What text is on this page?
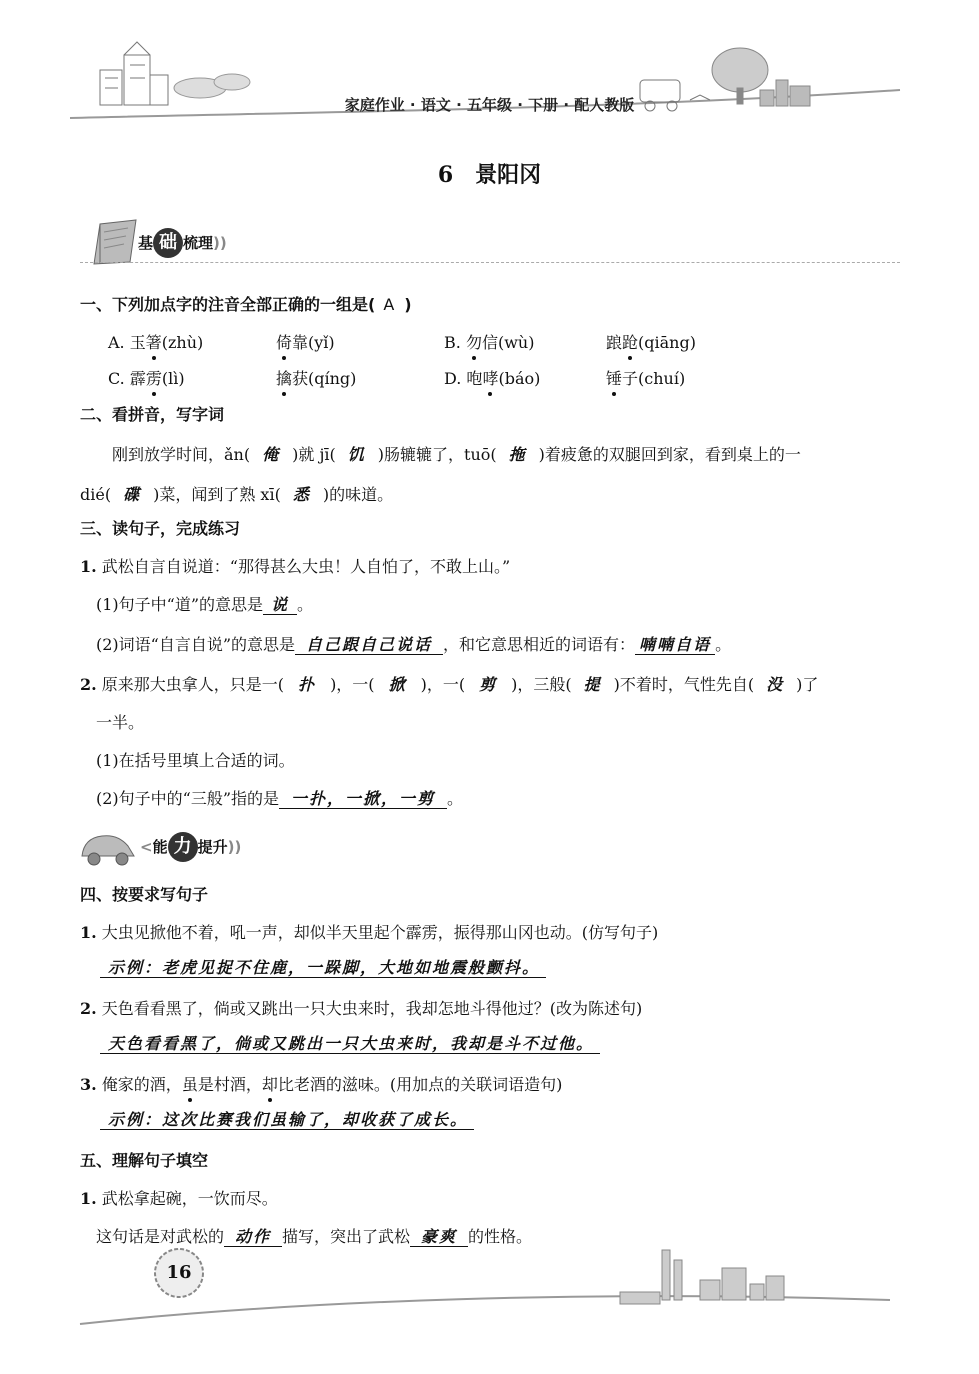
家庭作业 · 语文 · 五年级 · 下册 · 配人教版
6　景阳冈
基 础 梳理))
一、下列加点字的注音全部正确的一组是( A )
A. 玉箸(zhù)	倚靠(yǐ)	B. 勿信(wù)	踉跄(qiāng)
C. 霹雳(lì)	擒获(qíng)	D. 咆哮(báo)	锤子(chuí)
二、看拼音，写字词
刚到放学时间，ǎn( 俺 )就 jī( 饥 )肠辘辘了，tuō( 拖 )着疲惫的双腿回到家，看到桌上的一
dié( 碟 )菜，闻到了熟 xī( 悉 )的味道。
三、读句子，完成练习
1. 武松自言自说道：“那得甚么大虫！人自怕了，不敢上山。”
(1)句子中“道”的意思是 说 。
(2)词语“自言自说”的意思是 自己跟自己说话 ，和它意思相近的词语有： 喃喃自语 。
2. 原来那大虫拿人，只是一( 扑 )，一( 掀 )，一( 剪 )，三般( 提 )不着时，气性先自( 没 )了
一半。
(1)在括号里填上合适的词。
(2)句子中的“三般”指的是 一扑，一掀，一剪 。
<能 力 提升))
四、按要求写句子
1. 大虫见掀他不着，吼一声，却似半天里起个霹雳，振得那山冈也动。(仿写句子)
示例：老虎见捉不住鹿，一跺脚，大地如地震般颤抖。
2. 天色看看黑了，倘或又跳出一只大虫来时，我却怎地斗得他过？(改为陈述句)
天色看看黑了，倘或又跳出一只大虫来时，我却是斗不过他。
3. 俺家的酒，虽是村酒，却比老酒的滋味。(用加点的关联词语造句)
示例：这次比赛我们虽输了，却收获了成长。
五、理解句子填空
1. 武松拿起碗，一饮而尽。
这句话是对武松的 动作 描写，突出了武松 豪爽 的性格。
16
